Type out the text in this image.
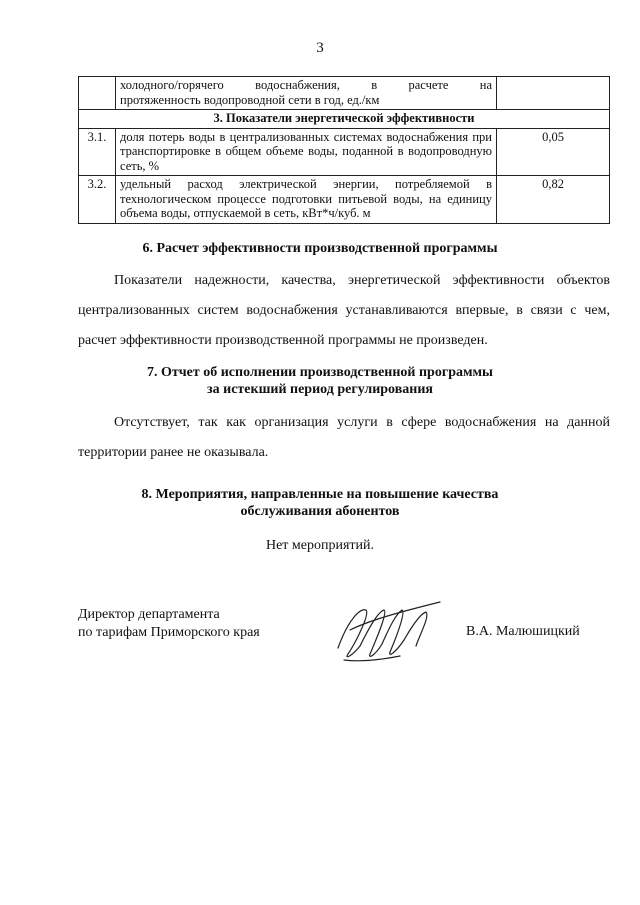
3

	холодного/горячего водоснабжения, в расчете на
протяженность водопроводной сети в год, ед./км	

3. Показатели энергетической эффективности		
3.1.	доля потерь воды в централизованных системах водоснабжения при транспортировке в общем объеме воды, поданной в водопроводную сеть, %	0,05
3.2.	удельный расход электрической энергии, потребляемой в технологическом процессе подготовки питьевой воды, на единицу объема воды, отпускаемой в сеть, кВт*ч/куб. м	0,82
6. Расчет эффективности производственной программы
Показатели надежности, качества, энергетической эффективности объектов централизованных систем водоснабжения устанавливаются впервые, в связи с чем, расчет эффективности производственной программы не произведен.
7. Отчет об исполнении производственной программы
за истекший период регулирования
Отсутствует, так как организация услуги в сфере водоснабжения на данной территории ранее не оказывала.
8. Мероприятия, направленные на повышение качества
обслуживания абонентов
Нет мероприятий.
Директор департамента
по тарифам Приморского края	В.А. Малюшицкий
